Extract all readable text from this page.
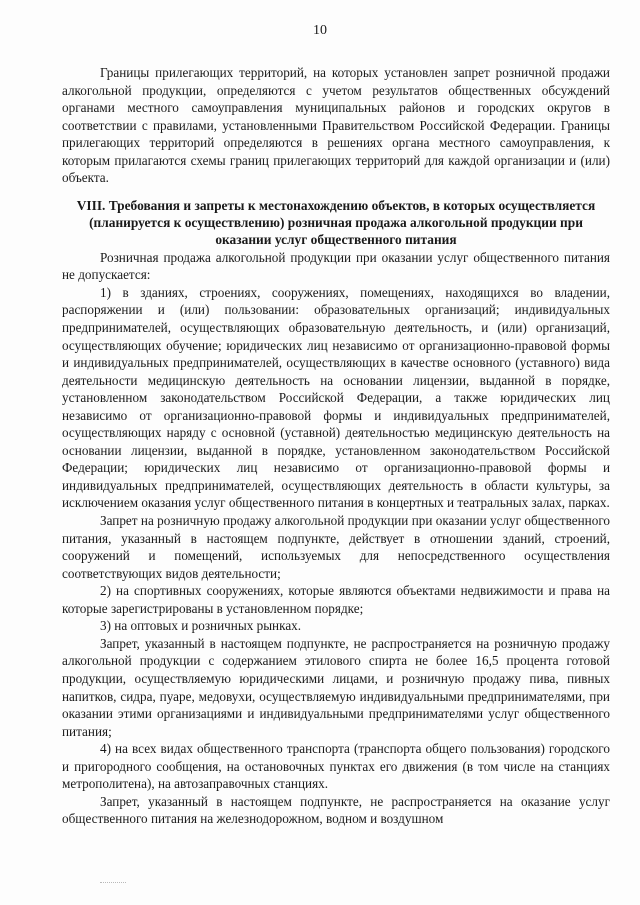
10

Границы прилегающих территорий, на которых установлен запрет розничной продажи алкогольной продукции, определяются с учетом результатов общественных обсуждений органами местного самоуправления муниципальных районов и городских округов в соответствии с правилами, установленными Правительством Российской Федерации. Границы прилегающих территорий определяются в решениях органа местного самоуправления, к которым прилагаются схемы границ прилегающих территорий для каждой организации и (или) объекта.

VIII. Требования и запреты к местонахождению объектов, в которых осуществляется (планируется к осуществлению) розничная продажа алкогольной продукции при оказании услуг общественного питания

Розничная продажа алкогольной продукции при оказании услуг общественного питания не допускается:

1) в зданиях, строениях, сооружениях, помещениях, находящихся во владении, распоряжении и (или) пользовании: образовательных организаций; индивидуальных предпринимателей, осуществляющих образовательную деятельность, и (или) организаций, осуществляющих обучение; юридических лиц независимо от организационно-правовой формы и индивидуальных предпринимателей, осуществляющих в качестве основного (уставного) вида деятельности медицинскую деятельность на основании лицензии, выданной в порядке, установленном законодательством Российской Федерации, а также юридических лиц независимо от организационно-правовой формы и индивидуальных предпринимателей, осуществляющих наряду с основной (уставной) деятельностью медицинскую деятельность на основании лицензии, выданной в порядке, установленном законодательством Российской Федерации; юридических лиц независимо от организационно-правовой формы и индивидуальных предпринимателей, осуществляющих деятельность в области культуры, за исключением оказания услуг общественного питания в концертных и театральных залах, парках.

Запрет на розничную продажу алкогольной продукции при оказании услуг общественного питания, указанный в настоящем подпункте, действует в отношении зданий, строений, сооружений и помещений, используемых для непосредственного осуществления соответствующих видов деятельности;

2) на спортивных сооружениях, которые являются объектами недвижимости и права на которые зарегистрированы в установленном порядке;

3) на оптовых и розничных рынках.

Запрет, указанный в настоящем подпункте, не распространяется на розничную продажу алкогольной продукции с содержанием этилового спирта не более 16,5 процента готовой продукции, осуществляемую юридическими лицами, и розничную продажу пива, пивных напитков, сидра, пуаре, медовухи, осуществляемую индивидуальными предпринимателями, при оказании этими организациями и индивидуальными предпринимателями услуг общественного питания;

4) на всех видах общественного транспорта (транспорта общего пользования) городского и пригородного сообщения, на остановочных пунктах его движения (в том числе на станциях метрополитена), на автозаправочных станциях.

Запрет, указанный в настоящем подпункте, не распространяется на оказание услуг общественного питания на железнодорожном, водном и воздушном
